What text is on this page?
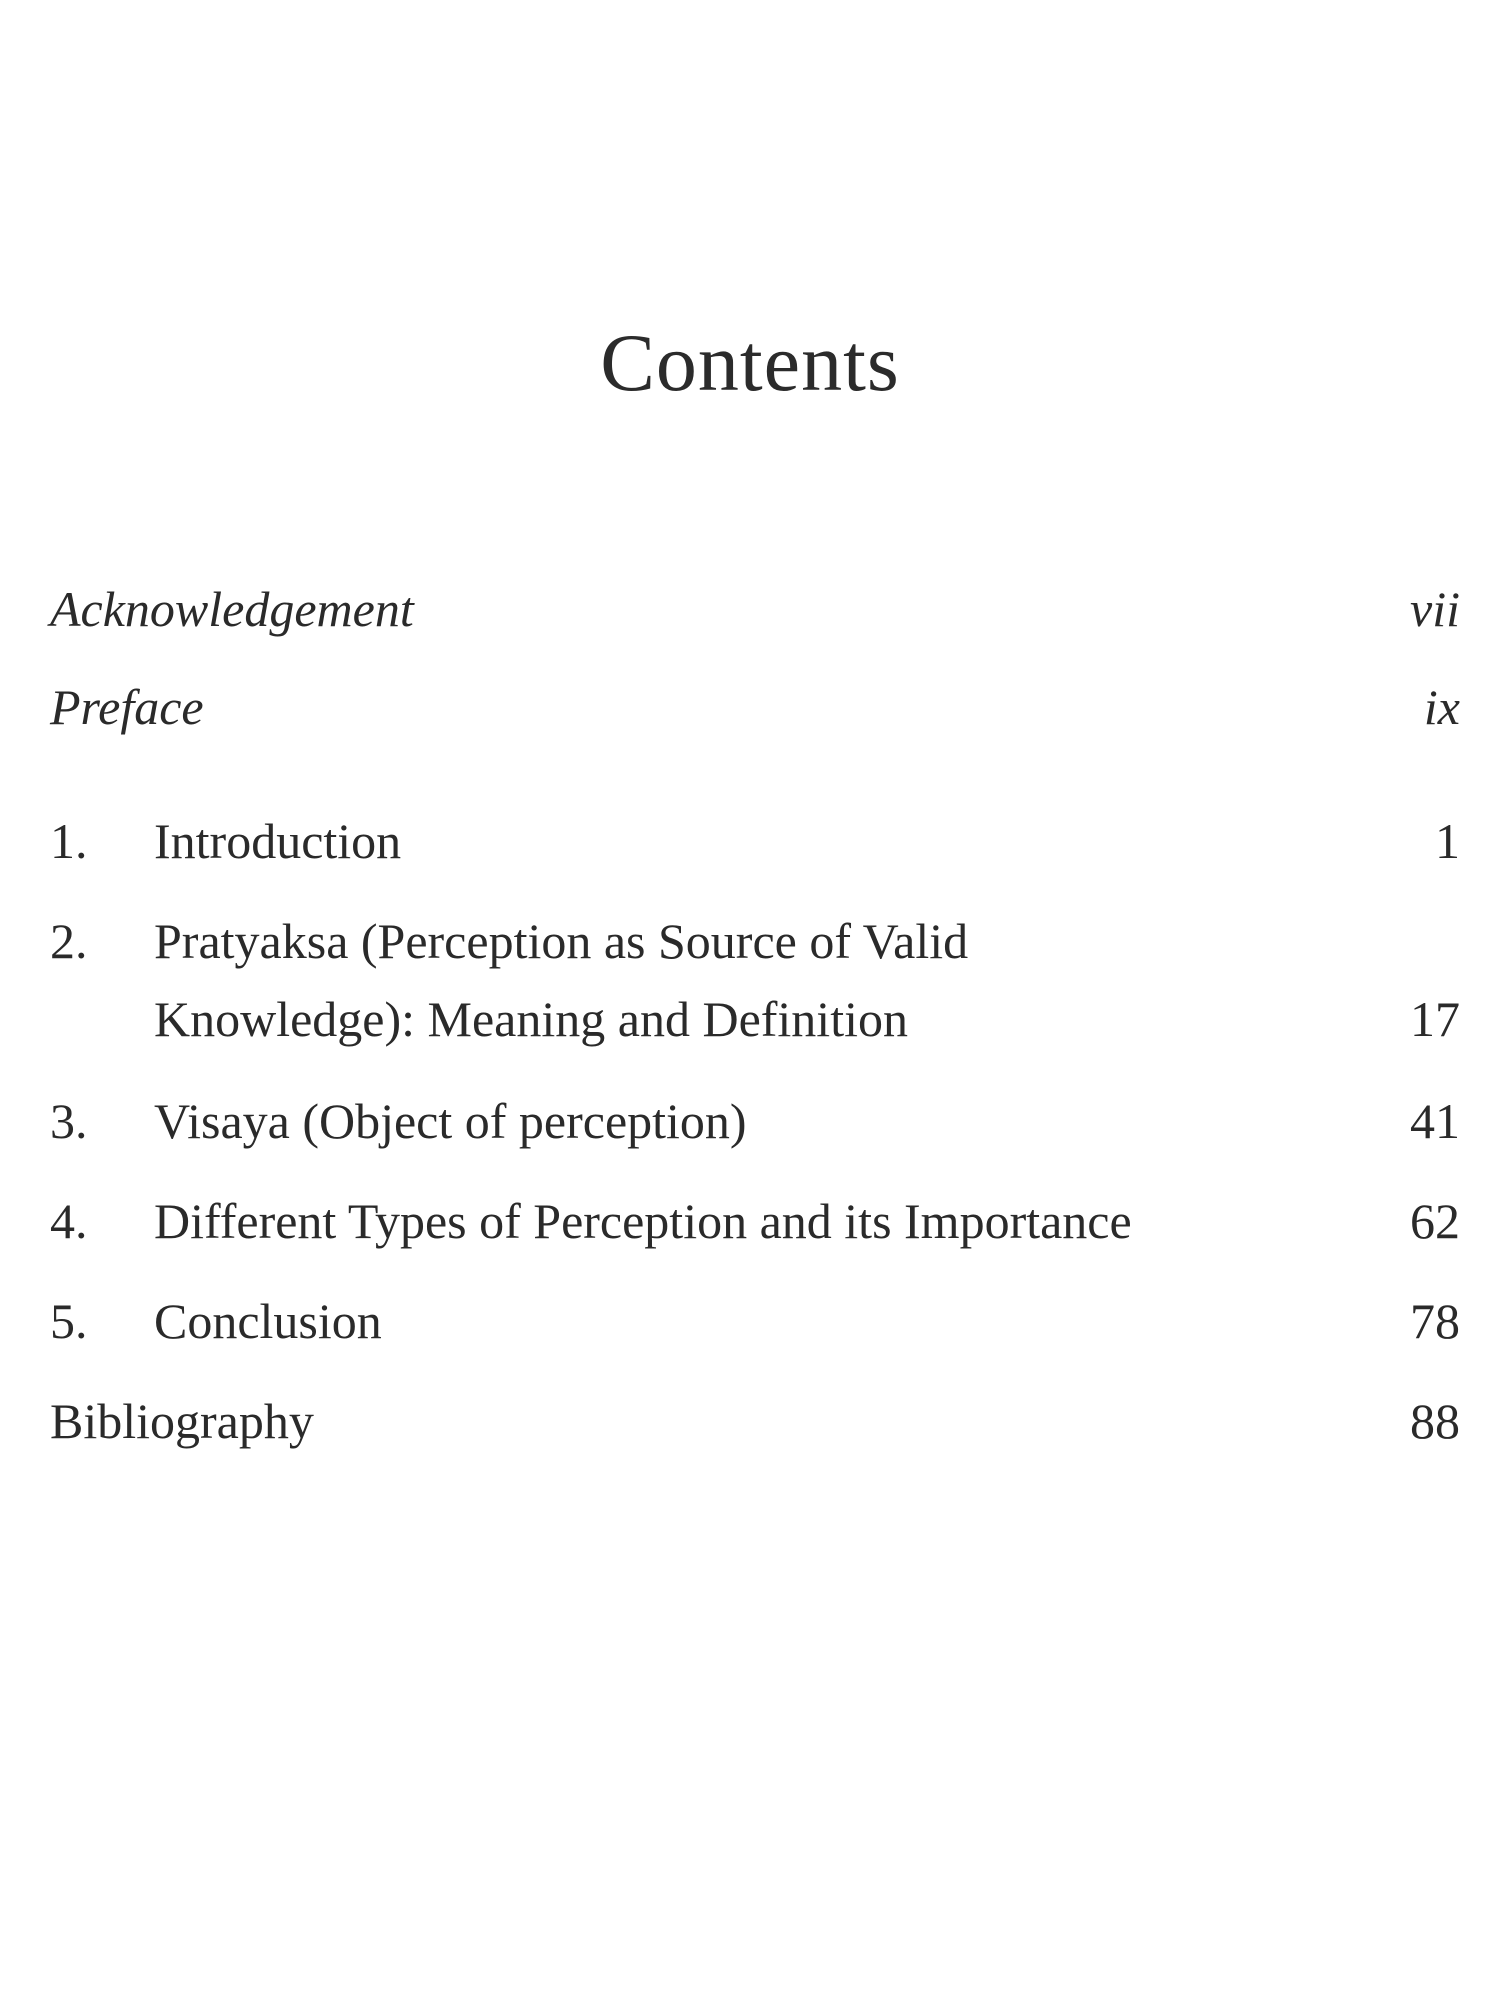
Contents
Acknowledgement	vii
Preface	ix
1. Introduction	1
2. Pratyaksa (Perception as Source of Valid
Knowledge): Meaning and Definition	17
3. Visaya (Object of perception)	41
4. Different Types of Perception and its Importance	62
5. Conclusion	78
Bibliography	88
